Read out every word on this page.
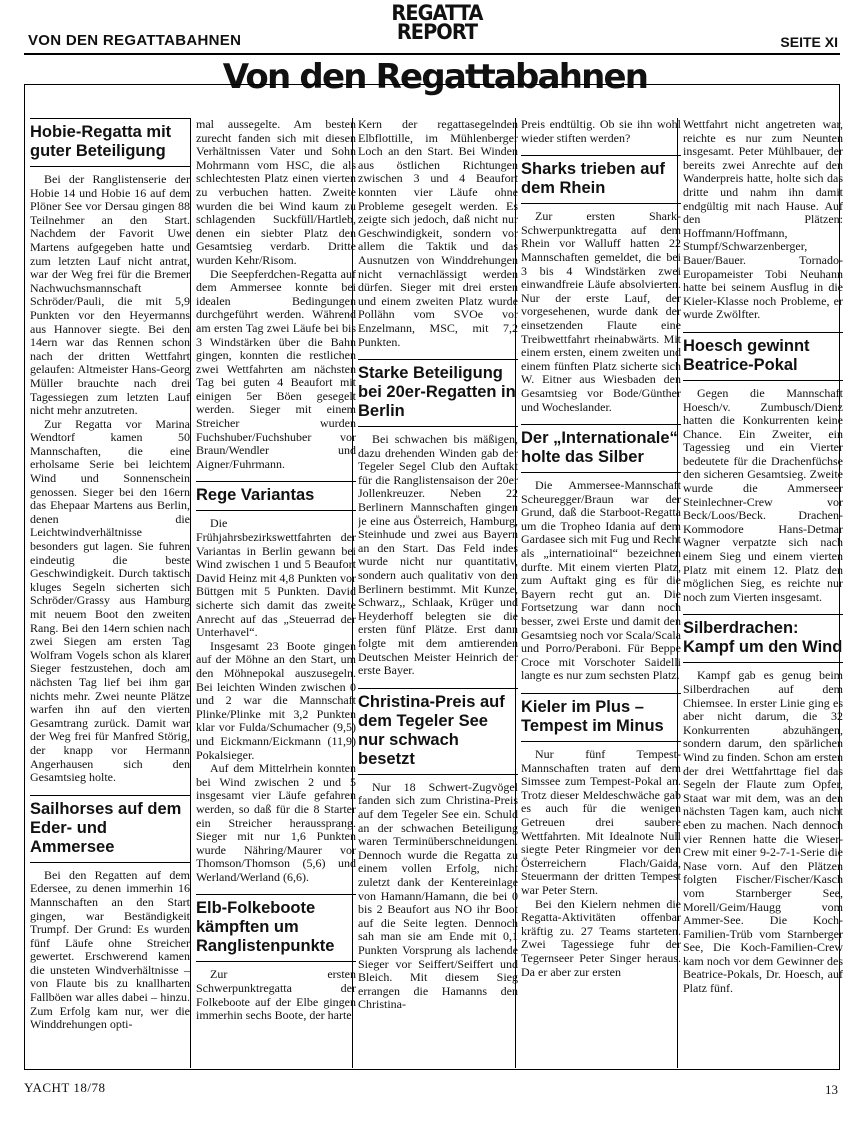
VON DEN REGATTABAHNEN
REGATTA
REPORT	SEITE XI
Von den Regattabahnen
Hobie-Regatta mit guter Beteiligung

Bei der Ranglistenserie der Hobie 14 und Hobie 16 auf dem Plöner See vor Dersau gingen 88 Teilnehmer an den Start. Nachdem der Favorit Uwe Martens aufgegeben hatte und zum letzten Lauf nicht antrat, war der Weg frei für die Bremer Nachwuchsmannschaft Schröder/Pauli, die mit 5,9 Punkten vor den Heyermanns aus Hannover siegte. Bei den 14ern war das Rennen schon nach der dritten Wettfahrt gelaufen: Altmeister Hans-Georg Müller brauchte nach drei Tagessiegen zum letzten Lauf nicht mehr anzutreten.

Zur Regatta vor Marina Wendtorf kamen 50 Mannschaften, die eine erholsame Serie bei leichtem Wind und Sonnenschein genossen. Sieger bei den 16ern das Ehepaar Martens aus Berlin, denen die Leichtwindverhältnisse besonders gut lagen. Sie fuhren eindeutig die beste Geschwindigkeit. Durch taktisch kluges Segeln sicherten sich Schröder/Grassy aus Hamburg mit neuem Boot den zweiten Rang. Bei den 14ern schien nach zwei Siegen am ersten Tag Wolfram Vogels schon als klarer Sieger festzustehen, doch am nächsten Tag lief bei ihm gar nichts mehr. Zwei neunte Plätze warfen ihn auf den vierten Gesamtrang zurück. Damit war der Weg frei für Manfred Störig, der knapp vor Hermann Angerhausen sich den Gesamtsieg holte.

Sailhorses auf dem Eder- und Ammersee

Bei den Regatten auf dem Edersee, zu denen immerhin 16 Mannschaften an den Start gingen, war Beständigkeit Trumpf. Der Grund: Es wurden fünf Läufe ohne Streicher gewertet. Erschwerend kamen die unsteten Windverhältnisse – von Flaute bis zu knallharten Fallböen war alles dabei – hinzu. Zum Erfolg kam nur, wer die Winddrehungen opti-

mal aussegelte. Am besten zurecht fanden sich mit diesen Verhältnissen Vater und Sohn Mohrmann vom HSC, die als schlechtesten Platz einen vierten zu verbuchen hatten. Zweite wurden die bei Wind kaum zu schlagenden Suckfüll/Hartleb, denen ein siebter Platz den Gesamtsieg verdarb. Dritte wurden Kehr/Risom.

Die Seepferdchen-Regatta auf dem Ammersee konnte bei idealen Bedingungen durchgeführt werden. Während am ersten Tag zwei Läufe bei bis 3 Windstärken über die Bahn gingen, konnten die restlichen zwei Wettfahrten am nächsten Tag bei guten 4 Beaufort mit einigen 5er Böen gesegelt werden. Sieger mit einem Streicher wurden Fuchshuber/Fuchshuber vor Braun/Wendler und Aigner/Fuhrmann.

Rege Variantas

Die Frühjahrsbezirkswettfahrten der Variantas in Berlin gewann bei Wind zwischen 1 und 5 Beaufort David Heinz mit 4,8 Punkten vor Büttgen mit 5 Punkten. David sicherte sich damit das zweite Anrecht auf das „Steuerrad der Unterhavel“.

Insgesamt 23 Boote gingen auf der Möhne an den Start, um den Möhnepokal auszusegeln. Bei leichten Winden zwischen 0 und 2 war die Mannschaft Plinke/Plinke mit 3,2 Punkten klar vor Fulda/Schumacher (9,5) und Eickmann/Eickmann (11,9) Pokalsieger.

Auf dem Mittelrhein konnten bei Wind zwischen 2 und 5 insgesamt vier Läufe gefahren werden, so daß für die 8 Starter ein Streicher heraussprang. Sieger mit nur 1,6 Punkten wurde Nähring/Maurer vor Thomson/Thomson (5,6) und Werland/Werland (6,6).

Elb-Folkeboote kämpften um Ranglistenpunkte

Zur ersten Schwerpunktregatta der Folkeboote auf der Elbe gingen immerhin sechs Boote, der harte

Kern der regattasegelnden Elbflottille, im Mühlenberger Loch an den Start. Bei Winden aus östlichen Richtungen zwischen 3 und 4 Beaufort konnten vier Läufe ohne Probleme gesegelt werden. Es zeigte sich jedoch, daß nicht nur Geschwindigkeit, sondern vor allem die Taktik und das Ausnutzen von Winddrehungen nicht vernachlässigt werden dürfen. Sieger mit drei ersten und einem zweiten Platz wurde Pollähn vom SVOe vor Enzelmann, MSC, mit 7,2 Punkten.

Starke Beteiligung bei 20er-Regatten in Berlin

Bei schwachen bis mäßigen, dazu drehenden Winden gab der Tegeler Segel Club den Auftakt für die Ranglistensaison der 20er Jollenkreuzer. Neben 22 Berlinern Mannschaften gingen je eine aus Österreich, Hamburg, Steinhude und zwei aus Bayern an den Start. Das Feld indes wurde nicht nur quantitativ, sondern auch qualitativ von den Berlinern bestimmt. Mit Kunze, Schwarz,, Schlaak, Krüger und Heyderhoff belegten sie die ersten fünf Plätze. Erst dann folgte mit dem amtierenden Deutschen Meister Heinrich der erste Bayer.

Christina-Preis auf dem Tegeler See nur schwach besetzt

Nur 18 Schwert-Zugvögel fanden sich zum Christina-Preis auf dem Tegeler See ein. Schuld an der schwachen Beteiligung waren Terminüberschneidungen. Dennoch wurde die Regatta zu einem vollen Erfolg, nicht zuletzt dank der Kentereinlage von Hamann/Hamann, die bei 0 bis 2 Beaufort aus NO ihr Boot auf die Seite legten. Dennoch sah man sie am Ende mit 0,1 Punkten Vorsprung als lachende Sieger vor Seiffert/Seiffert und Bleich. Mit diesem Sieg errangen die Hamanns den Christina-

Preis endtültig. Ob sie ihn wohl wieder stiften werden?

Sharks trieben auf dem Rhein

Zur ersten Shark-Schwerpunktregatta auf dem Rhein vor Walluff hatten 22 Mannschaften gemeldet, die bei 3 bis 4 Windstärken zwei einwandfreie Läufe absolvierten. Nur der erste Lauf, der vorgesehenen, wurde dank der einsetzenden Flaute eine Treibwettfahrt rheinabwärts. Mit einem ersten, einem zweiten und einem fünften Platz sicherte sich W. Eitner aus Wiesbaden den Gesamtsieg vor Bode/Günther und Wocheslander.

Der „Internationale“ holte das Silber

Die Ammersee-Mannschaft Scheuregger/Braun war der Grund, daß die Starboot-Regatta um die Tropheo Idania auf dem Gardasee sich mit Fug und Recht als „internatioinal“ bezeichnen durfte. Mit einem vierten Platz, zum Auftakt ging es für die Bayern recht gut an. Die Fortsetzung war dann noch besser, zwei Erste und damit den Gesamtsieg noch vor Scala/Scala und Porro/Peraboni. Für Beppe Croce mit Vorschoter Saidelli langte es nur zum sechsten Platz.

Kieler im Plus – Tempest im Minus

Nur fünf Tempest-Mannschaften traten auf dem Simssee zum Tempest-Pokal an. Trotz dieser Meldeschwäche gab es auch für die wenigen Getreuen drei saubere Wettfahrten. Mit Idealnote Null siegte Peter Ringmeier vor den Österreichern Flach/Gaida, Steuermann der dritten Tempest war Peter Stern.

Bei den Kielern nehmen die Regatta-Aktivitäten offenbar kräftig zu. 27 Teams starteten. Zwei Tagessiege fuhr der Tegernseer Peter Singer heraus. Da er aber zur ersten

Wettfahrt nicht angetreten war, reichte es nur zum Neunten insgesamt. Peter Mühlbauer, der bereits zwei Anrechte auf den Wanderpreis hatte, holte sich das dritte und nahm ihn damit endgültig mit nach Hause. Auf den Plätzen: Hoffmann/Hoffmann, Stumpf/Schwarzenberger, Bauer/Bauer. Tornado-Europameister Tobi Neuhann hatte bei seinem Ausflug in die Kieler-Klasse noch Probleme, er wurde Zwölfter.

Hoesch gewinnt Beatrice-Pokal

Gegen die Mannschaft Hoesch/v. Zumbusch/Dienz hatten die Konkurrenten keine Chance. Ein Zweiter, ein Tagessieg und ein Vierter bedeutete für die Drachenfüchse den sicheren Gesamtsieg. Zweite wurde die Ammerseer Steinlechner-Crew vor Beck/Loos/Beck. Drachen-Kommodore Hans-Detmar Wagner verpatzte sich nach einem Sieg und einem vierten Platz mit einem 12. Platz den möglichen Sieg, es reichte nur noch zum Vierten insgesamt.

Silberdrachen: Kampf um den Wind

Kampf gab es genug beim Silberdrachen auf dem Chiemsee. In erster Linie ging es aber nicht darum, die 32 Konkurrenten abzuhängen, sondern darum, den spärlichen Wind zu finden. Schon am ersten der drei Wettfahrttage fiel das Segeln der Flaute zum Opfer, Staat war mit dem, was an den nächsten Tagen kam, auch nicht eben zu machen. Nach dennoch vier Rennen hatte die Wieser-Crew mit einer 9-2-7-1-Serie die Nase vorn. Auf den Plätzen folgten Fischer/Fischer/Kasch vom Starnberger See, Morell/Geim/Haugg vom Ammer-See. Die Koch-Familien-Trüb vom Starnberger See, Die Koch-Familien-Crew kam noch vor dem Gewinner des Beatrice-Pokals, Dr. Hoesch, auf Platz fünf.

YACHT 18/78	13
